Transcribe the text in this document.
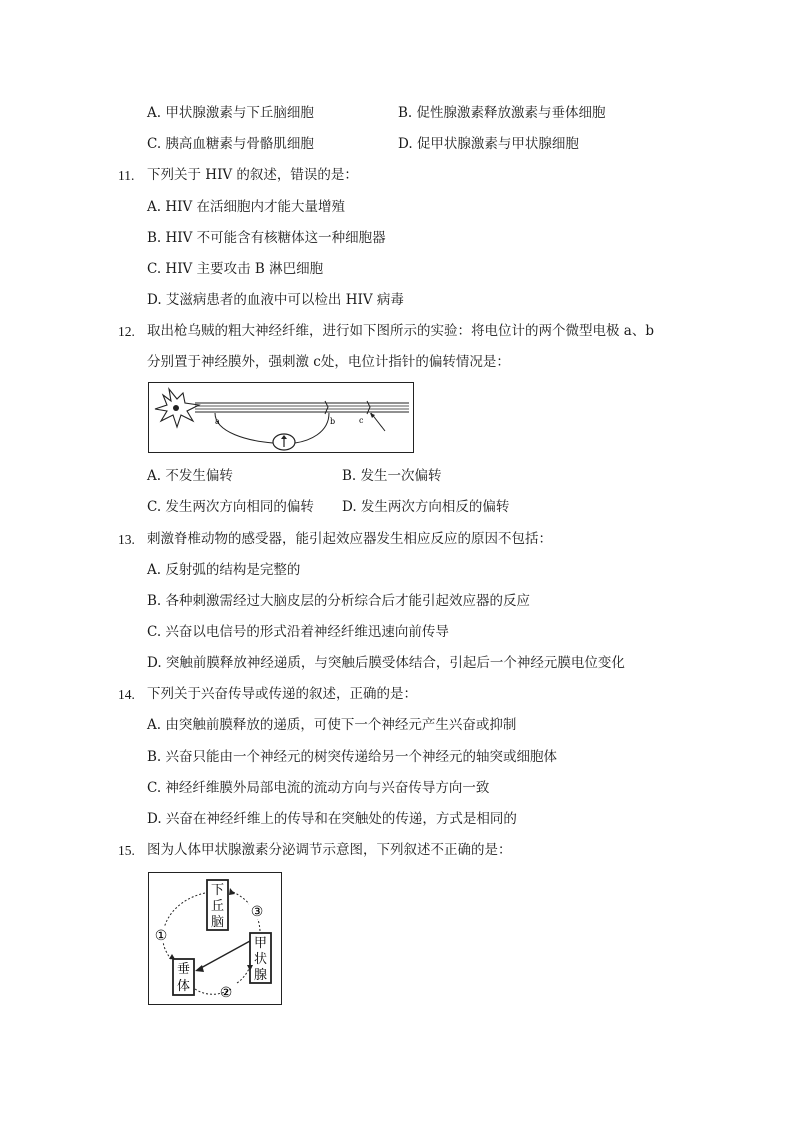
A. 甲状腺激素与下丘脑细胞	B. 促性腺激素释放激素与垂体细胞
C. 胰高血糖素与骨骼肌细胞	D. 促甲状腺激素与甲状腺细胞
11. 下列关于 HIV 的叙述，错误的是：
A. HIV 在活细胞内才能大量增殖
B. HIV 不可能含有核糖体这一种细胞器
C. HIV 主要攻击 B 淋巴细胞
D. 艾滋病患者的血液中可以检出 HIV 病毒
12. 取出枪乌贼的粗大神经纤维，进行如下图所示的实验：将电位计的两个微型电极 a、b
分别置于神经膜外，强刺激 c处，电位计指针的偏转情况是：
a	b	c
A. 不发生偏转	B. 发生一次偏转
C. 发生两次方向相同的偏转 D. 发生两次方向相反的偏转
13. 刺激脊椎动物的感受器，能引起效应器发生相应反应的原因不包括：
A. 反射弧的结构是完整的
B. 各种刺激需经过大脑皮层的分析综合后才能引起效应器的反应
C. 兴奋以电信号的形式沿着神经纤维迅速向前传导
D. 突触前膜释放神经递质，与突触后膜受体结合，引起后一个神经元膜电位变化
14. 下列关于兴奋传导或传递的叙述，正确的是：
A. 由突触前膜释放的递质，可使下一个神经元产生兴奋或抑制
B. 兴奋只能由一个神经元的树突传递给另一个神经元的轴突或细胞体
C. 神经纤维膜外局部电流的流动方向与兴奋传导方向一致
D. 兴奋在神经纤维上的传导和在突触处的传递，方式是相同的
15. 图为人体甲状腺激素分泌调节示意图，下列叙述不正确的是：
下
丘
脑
垂
体
甲
状
腺
①
②
③
